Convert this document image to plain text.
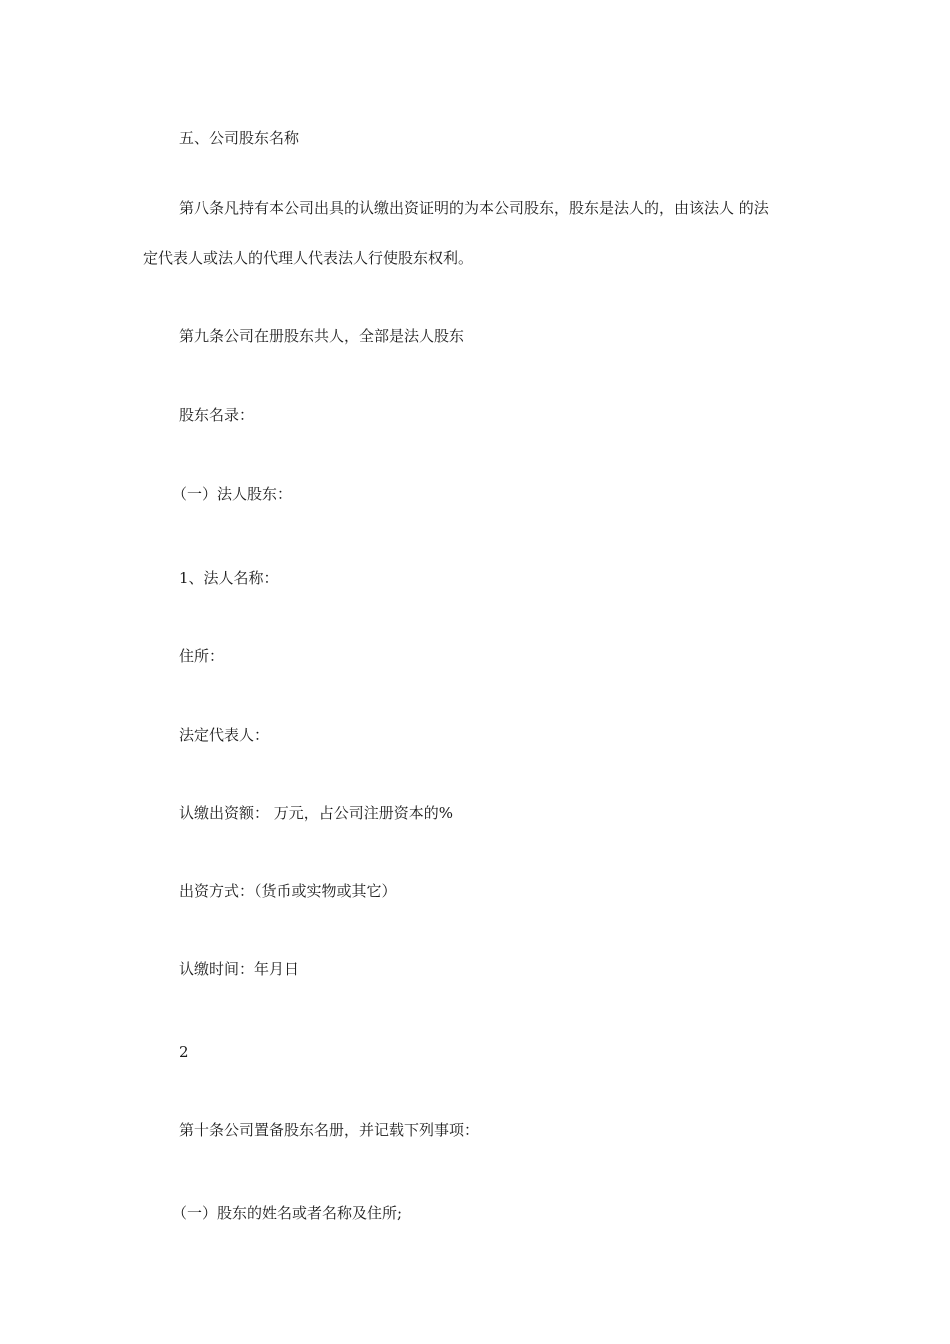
五、公司股东名称
第八条凡持有本公司出具的认缴出资证明的为本公司股东，股东是法人的，由该法人 的法
定代表人或法人的代理人代表法人行使股东权利。
第九条公司在册股东共人，全部是法人股东
股东名录：
（一）法人股东：
1、法人名称：
住所：
法定代表人：
认缴出资额： 万元，占公司注册资本的%
出资方式：（货币或实物或其它）
认缴时间：年月日
2
第十条公司置备股东名册，并记载下列事项：
（一）股东的姓名或者名称及住所;
